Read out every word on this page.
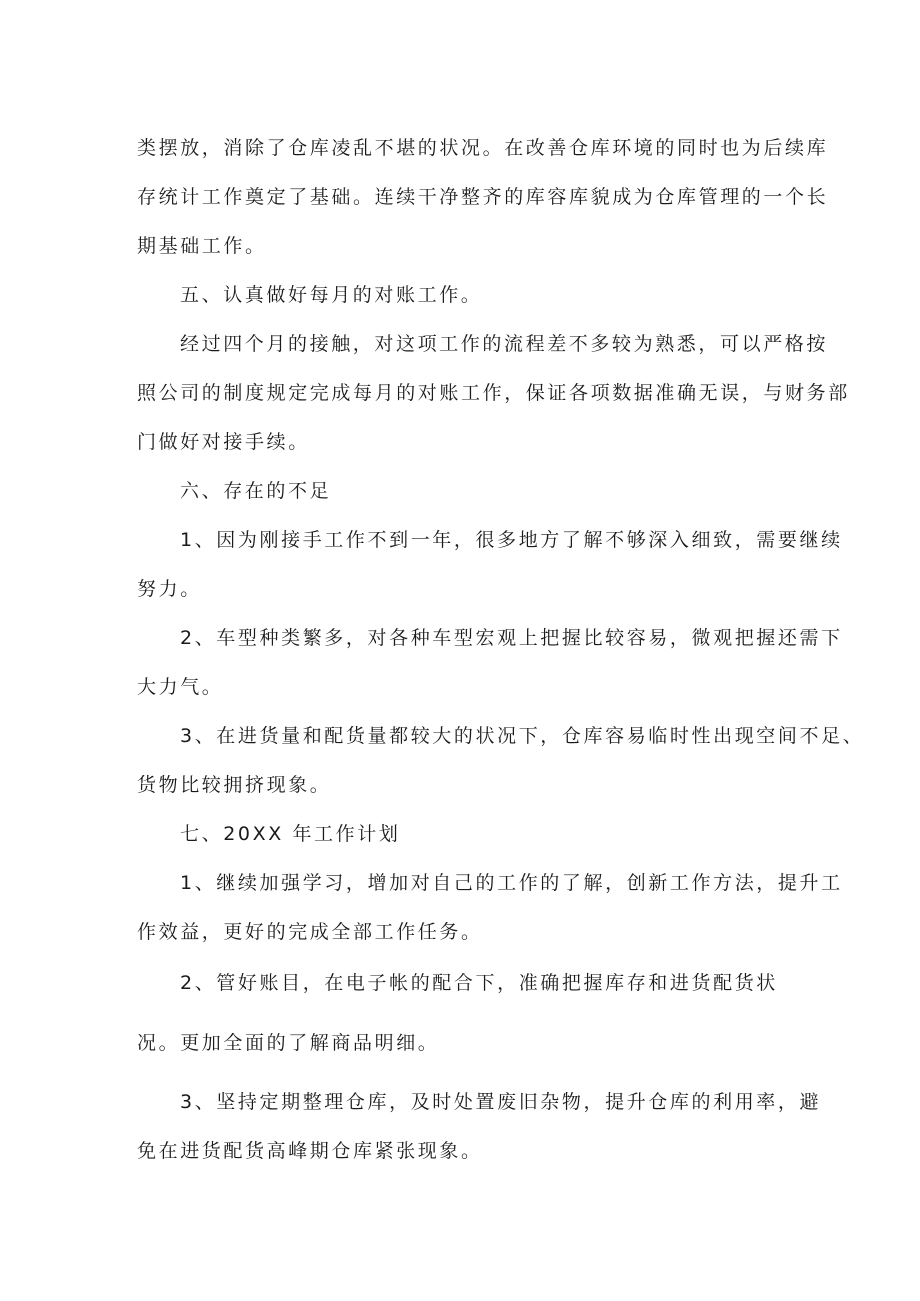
类摆放，消除了仓库凌乱不堪的状况。在改善仓库环境的同时也为后续库
存统计工作奠定了基础。连续干净整齐的库容库貌成为仓库管理的一个长
期基础工作。
五、认真做好每月的对账工作。
经过四个月的接触，对这项工作的流程差不多较为熟悉，可以严格按
照公司的制度规定完成每月的对账工作，保证各项数据准确无误，与财务部
门做好对接手续。
六、存在的不足
1、因为刚接手工作不到一年，很多地方了解不够深入细致，需要继续
努力。
2、车型种类繁多，对各种车型宏观上把握比较容易，微观把握还需下
大力气。
3、在进货量和配货量都较大的状况下，仓库容易临时性出现空间不足、
货物比较拥挤现象。
七、20XX 年工作计划
1、继续加强学习，增加对自己的工作的了解，创新工作方法，提升工
作效益，更好的完成全部工作任务。
2、管好账目，在电子帐的配合下，准确把握库存和进货配货状
况。更加全面的了解商品明细。
3、坚持定期整理仓库，及时处置废旧杂物，提升仓库的利用率，避
免在进货配货高峰期仓库紧张现象。
